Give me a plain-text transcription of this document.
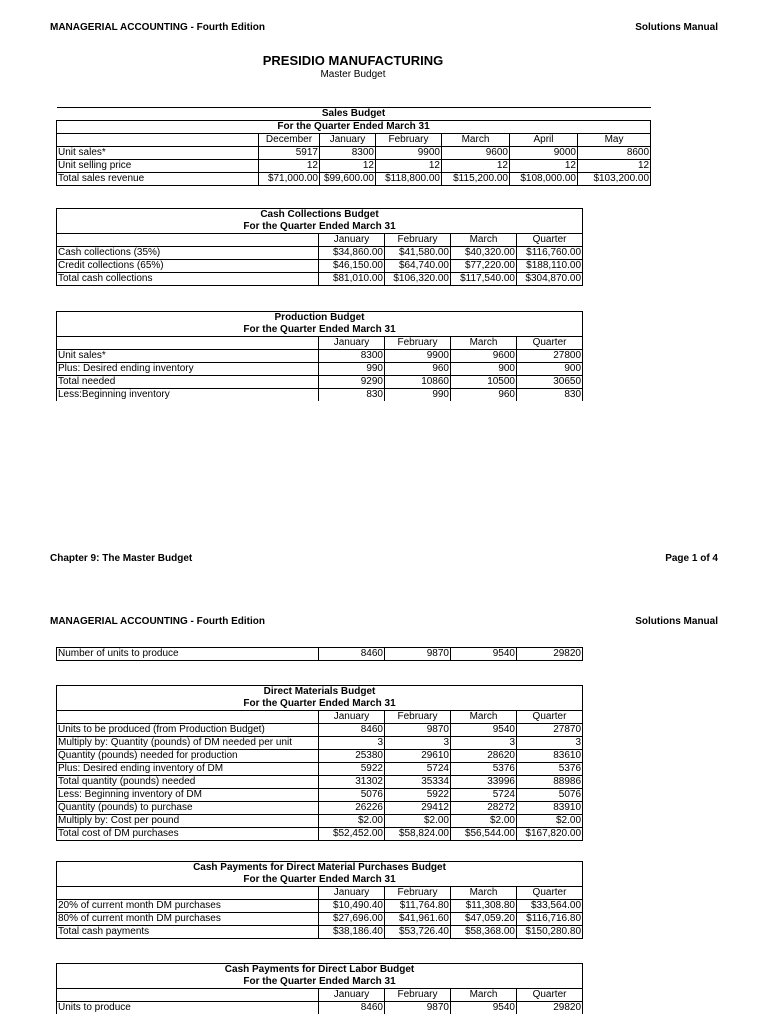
MANAGERIAL ACCOUNTING - Fourth Edition	Solutions Manual
PRESIDIO MANUFACTURING
Master Budget
Sales Budget						
For the Quarter Ended March 31						
	December	January	February	March	April	May
Unit sales*	5917	8300	9900	9600	9000	8600
Unit selling price	12	12	12	12	12	12
Total sales revenue	$71,000.00	$99,600.00	$118,800.00	$115,200.00	$108,000.00	$103,200.00
Cash Collections Budget				
For the Quarter Ended March 31				
	January	February	March	Quarter
Cash collections (35%)	$34,860.00	$41,580.00	$40,320.00	$116,760.00
Credit collections (65%)	$46,150.00	$64,740.00	$77,220.00	$188,110.00
Total cash collections	$81,010.00	$106,320.00	$117,540.00	$304,870.00
Production Budget				
For the Quarter Ended March 31				
	January	February	March	Quarter
Unit sales*	8300	9900	9600	27800
Plus: Desired ending inventory	990	960	900	900
Total needed	9290	10860	10500	30650
Less:Beginning inventory	830	990	960	830
Chapter 9: The Master Budget	Page 1 of 4
MANAGERIAL ACCOUNTING - Fourth Edition	Solutions Manual
Number of units to produce	8460	9870	9540	29820
Direct Materials Budget				
For the Quarter Ended March 31				
	January	February	March	Quarter
Units to be produced (from Production Budget)	8460	9870	9540	27870
Multiply by: Quantity (pounds) of DM needed per unit	3	3	3	3
Quantity (pounds) needed for production	25380	29610	28620	83610
Plus: Desired ending inventory of DM	5922	5724	5376	5376
Total quantity (pounds) needed	31302	35334	33996	88986
Less: Beginning inventory of DM	5076	5922	5724	5076
Quantity (pounds) to purchase	26226	29412	28272	83910
Multiply by: Cost per pound	$2.00	$2.00	$2.00	$2.00
Total cost of DM purchases	$52,452.00	$58,824.00	$56,544.00	$167,820.00
Cash Payments for Direct Material Purchases Budget				
For the Quarter Ended March 31				
	January	February	March	Quarter
20% of current month DM purchases	$10,490.40	$11,764.80	$11,308.80	$33,564.00
80% of current month DM purchases	$27,696.00	$41,961.60	$47,059.20	$116,716.80
Total cash payments	$38,186.40	$53,726.40	$58,368.00	$150,280.80
Cash Payments for Direct Labor Budget				
For the Quarter Ended March 31				
	January	February	March	Quarter
Units to produce	8460	9870	9540	29820
